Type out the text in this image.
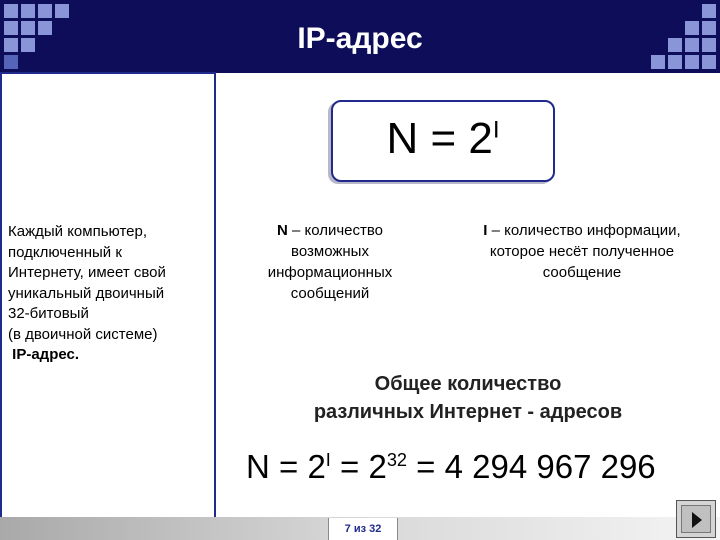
IP-адрес
Каждый компьютер,
подключенный к
Интернету, имеет свой
уникальный двоичный
32-битовый
(в двоичной системе)
IP-адрес.
$N = 2^I$
N – количество возможных информационных сообщений
I – количество информации, которое несёт полученное сообщение
Общее количество
различных Интернет - адресов
$N = 2^I = 2^{32} = 4$ 294 967 296
7 из 32
